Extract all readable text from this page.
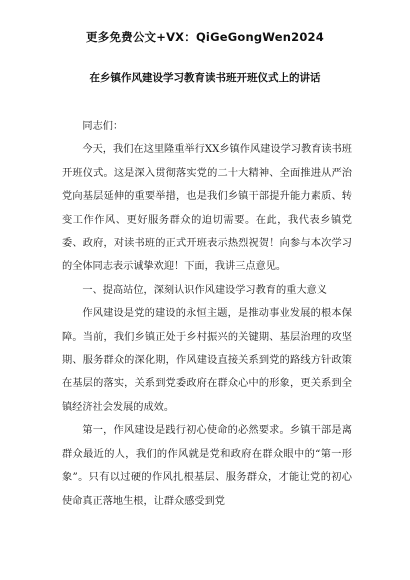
更多免费公文+VX：QiGeGongWen2024
在乡镇作风建设学习教育读书班开班仪式上的讲话

同志们：

今天，我们在这里隆重举行XX乡镇作风建设学习教育读书班开班仪式。这是深入贯彻落实党的二十大精神、全面推进从严治党向基层延伸的重要举措，也是我们乡镇干部提升能力素质、转变工作作风、更好服务群众的迫切需要。在此，我代表乡镇党委、政府，对读书班的正式开班表示热烈祝贺！向参与本次学习的全体同志表示诚挚欢迎！下面，我讲三点意见。

一、提高站位，深刻认识作风建设学习教育的重大意义

作风建设是党的建设的永恒主题，是推动事业发展的根本保障。当前，我们乡镇正处于乡村振兴的关键期、基层治理的攻坚期、服务群众的深化期，作风建设直接关系到党的路线方针政策在基层的落实，关系到党委政府在群众心中的形象，更关系到全镇经济社会发展的成效。

第一，作风建设是践行初心使命的必然要求。乡镇干部是离群众最近的人，我们的作风就是党和政府在群众眼中的“第一形象”。只有以过硬的作风扎根基层、服务群众，才能让党的初心使命真正落地生根，让群众感受到党
